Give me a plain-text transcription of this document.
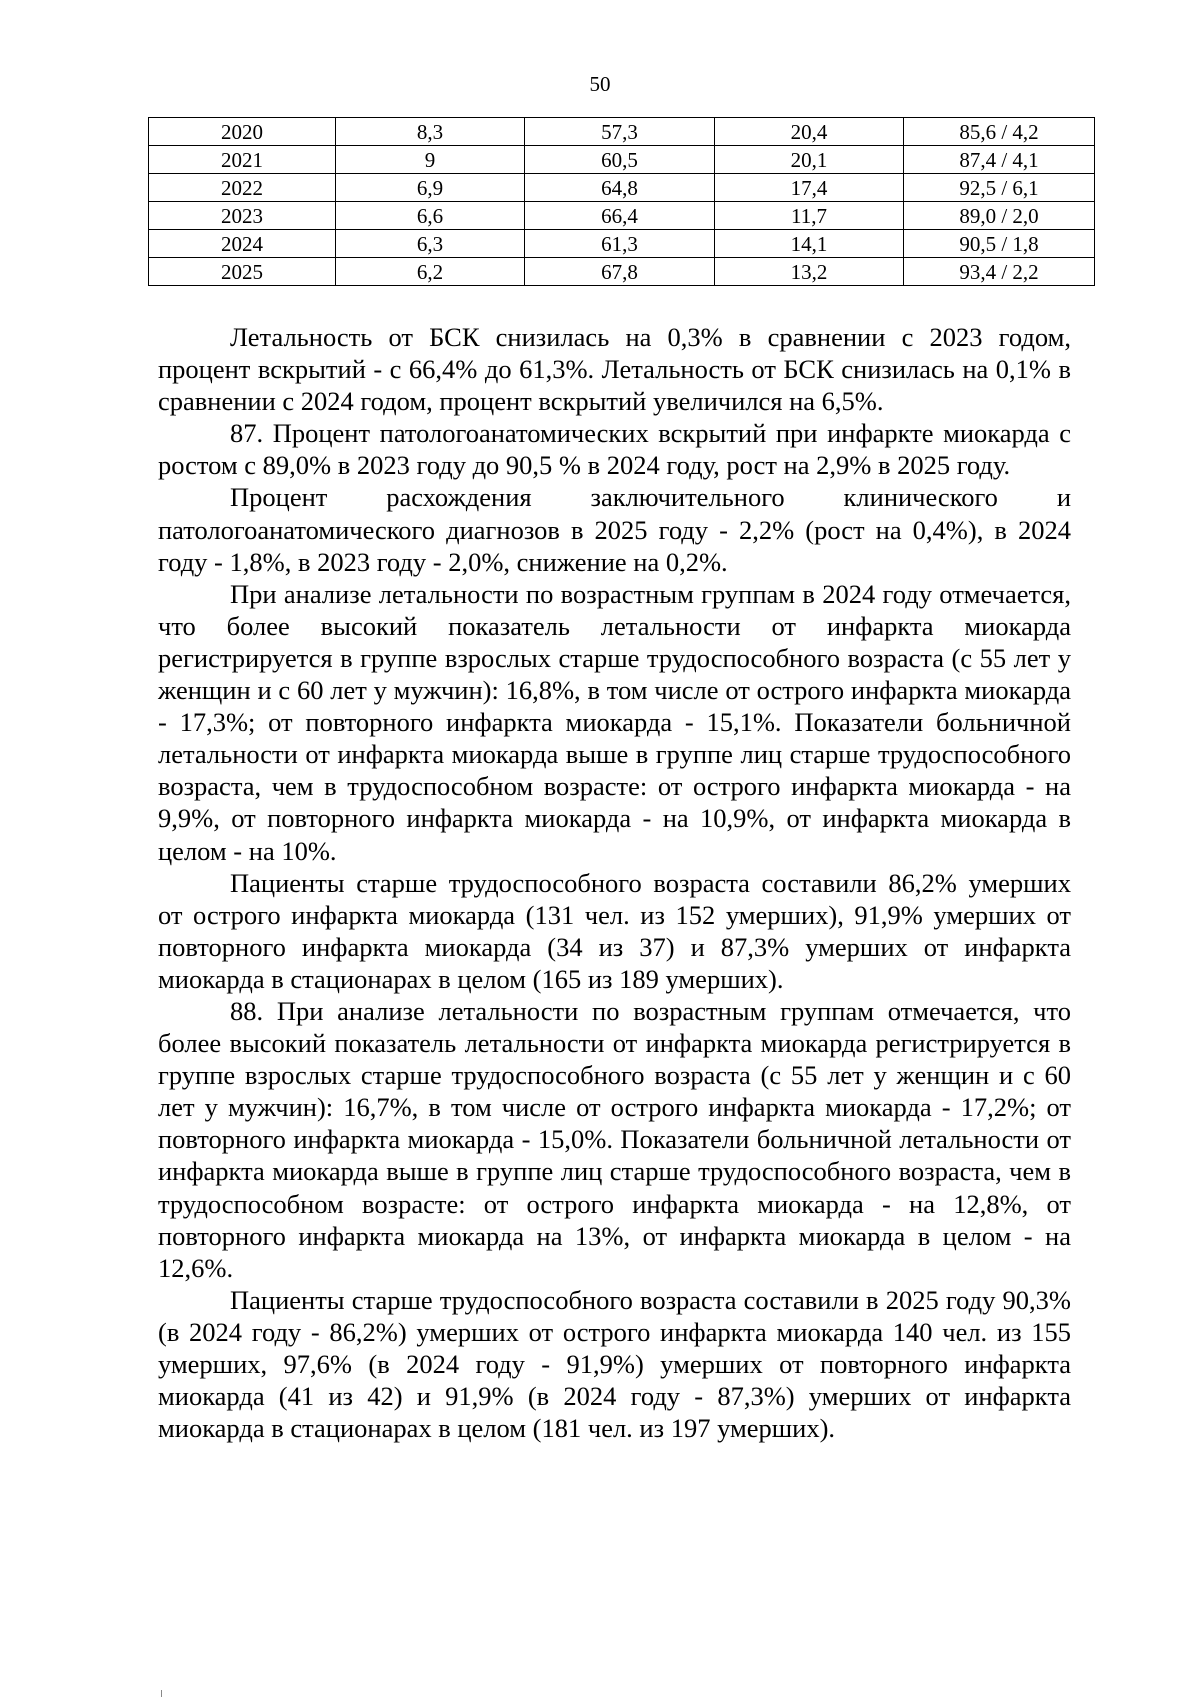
50
2020	8,3	57,3	20,4	85,6 / 4,2
2021	9	60,5	20,1	87,4 / 4,1
2022	6,9	64,8	17,4	92,5 / 6,1
2023	6,6	66,4	11,7	89,0 / 2,0
2024	6,3	61,3	14,1	90,5 / 1,8
2025	6,2	67,8	13,2	93,4 / 2,2

Летальность от БСК снизилась на 0,3% в сравнении с 2023 годом, процент вскрытий - с 66,4% до 61,3%. Летальность от БСК снизилась на 0,1% в сравнении с 2024 годом, процент вскрытий увеличился на 6,5%.

87. Процент патологоанатомических вскрытий при инфаркте миокарда с ростом с 89,0% в 2023 году до 90,5 % в 2024 году, рост на 2,9% в 2025 году.

Процент расхождения заключительного клинического и патологоанатомического диагнозов в 2025 году - 2,2% (рост на 0,4%), в 2024 году - 1,8%, в 2023 году - 2,0%, снижение на 0,2%.

При анализе летальности по возрастным группам в 2024 году отмечается, что более высокий показатель летальности от инфаркта миокарда регистрируется в группе взрослых старше трудоспособного возраста (с 55 лет у женщин и с 60 лет у мужчин): 16,8%, в том числе от острого инфаркта миокарда - 17,3%; от повторного инфаркта миокарда - 15,1%. Показатели больничной летальности от инфаркта миокарда выше в группе лиц старше трудоспособного возраста, чем в трудоспособном возрасте: от острого инфаркта миокарда - на 9,9%, от повторного инфаркта миокарда - на 10,9%, от инфаркта миокарда в целом - на 10%.

Пациенты старше трудоспособного возраста составили 86,2% умерших от острого инфаркта миокарда (131 чел. из 152 умерших), 91,9% умерших от повторного инфаркта миокарда (34 из 37) и 87,3% умерших от инфаркта миокарда в стационарах в целом (165 из 189 умерших).

88. При анализе летальности по возрастным группам отмечается, что более высокий показатель летальности от инфаркта миокарда регистрируется в группе взрослых старше трудоспособного возраста (с 55 лет у женщин и с 60 лет у мужчин): 16,7%, в том числе от острого инфаркта миокарда - 17,2%; от повторного инфаркта миокарда - 15,0%. Показатели больничной летальности от инфаркта миокарда выше в группе лиц старше трудоспособного возраста, чем в трудоспособном возрасте: от острого инфаркта миокарда - на 12,8%, от повторного инфаркта миокарда на 13%, от инфаркта миокарда в целом - на 12,6%.

Пациенты старше трудоспособного возраста составили в 2025 году 90,3% (в 2024 году - 86,2%) умерших от острого инфаркта миокарда 140 чел. из 155 умерших, 97,6% (в 2024 году - 91,9%) умерших от повторного инфаркта миокарда (41 из 42) и 91,9% (в 2024 году - 87,3%) умерших от инфаркта миокарда в стационарах в целом (181 чел. из 197 умерших).
